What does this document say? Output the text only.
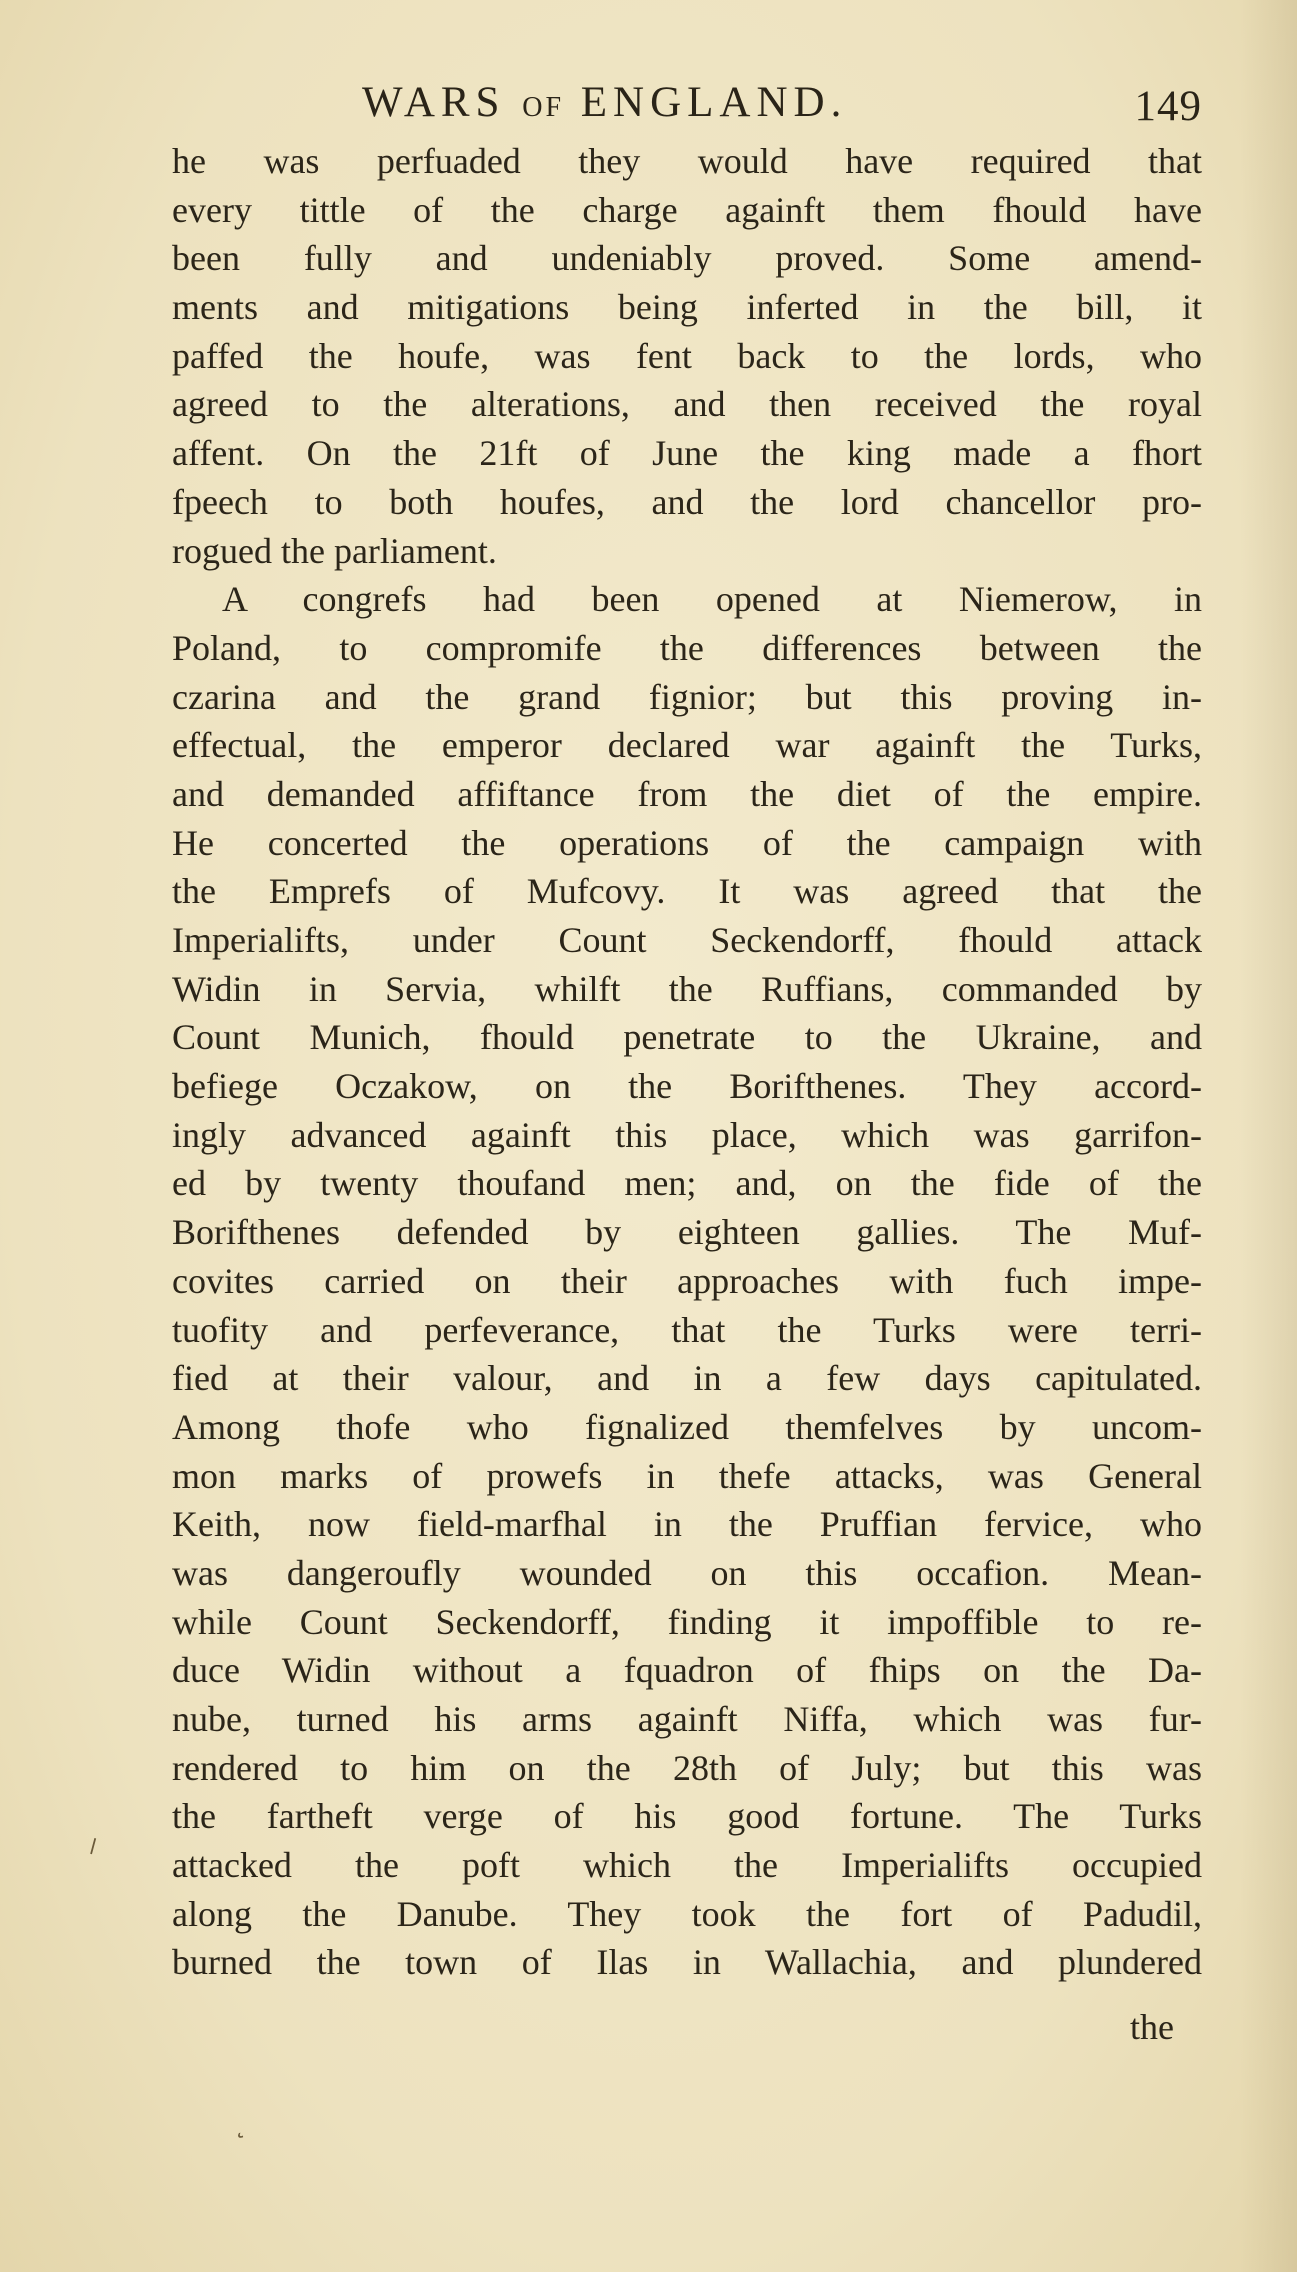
WARS OF ENGLAND.	149
he was perfuaded they would have required that
every tittle of the charge againft them fhould have
been fully and undeniably proved. Some amend-
ments and mitigations being inferted in the bill, it
paffed the houfe, was fent back to the lords, who
agreed to the alterations, and then received the royal
affent. On the 21ft of June the king made a fhort
fpeech to both houfes, and the lord chancellor pro-
rogued the parliament.
A congrefs had been opened at Niemerow, in
Poland, to compromife the differences between the
czarina and the grand fignior; but this proving in-
effectual, the emperor declared war againft the Turks,
and demanded affiftance from the diet of the empire.
He concerted the operations of the campaign with
the Emprefs of Mufcovy. It was agreed that the
Imperialifts, under Count Seckendorff, fhould attack
Widin in Servia, whilft the Ruffians, commanded by
Count Munich, fhould penetrate to the Ukraine, and
befiege Oczakow, on the Borifthenes. They accord-
ingly advanced againft this place, which was garrifon-
ed by twenty thoufand men; and, on the fide of the
Borifthenes defended by eighteen gallies. The Muf-
covites carried on their approaches with fuch impe-
tuofity and perfeverance, that the Turks were terri-
fied at their valour, and in a few days capitulated.
Among thofe who fignalized themfelves by uncom-
mon marks of prowefs in thefe attacks, was General
Keith, now field-marfhal in the Pruffian fervice, who
was dangeroufly wounded on this occafion. Mean-
while Count Seckendorff, finding it impoffible to re-
duce Widin without a fquadron of fhips on the Da-
nube, turned his arms againft Niffa, which was fur-
rendered to him on the 28th of July; but this was
the fartheft verge of his good fortune. The Turks
attacked the poft which the Imperialifts occupied
along the Danube. They took the fort of Padudil,
burned the town of Ilas in Wallachia, and plundered
the
⸝
˛
